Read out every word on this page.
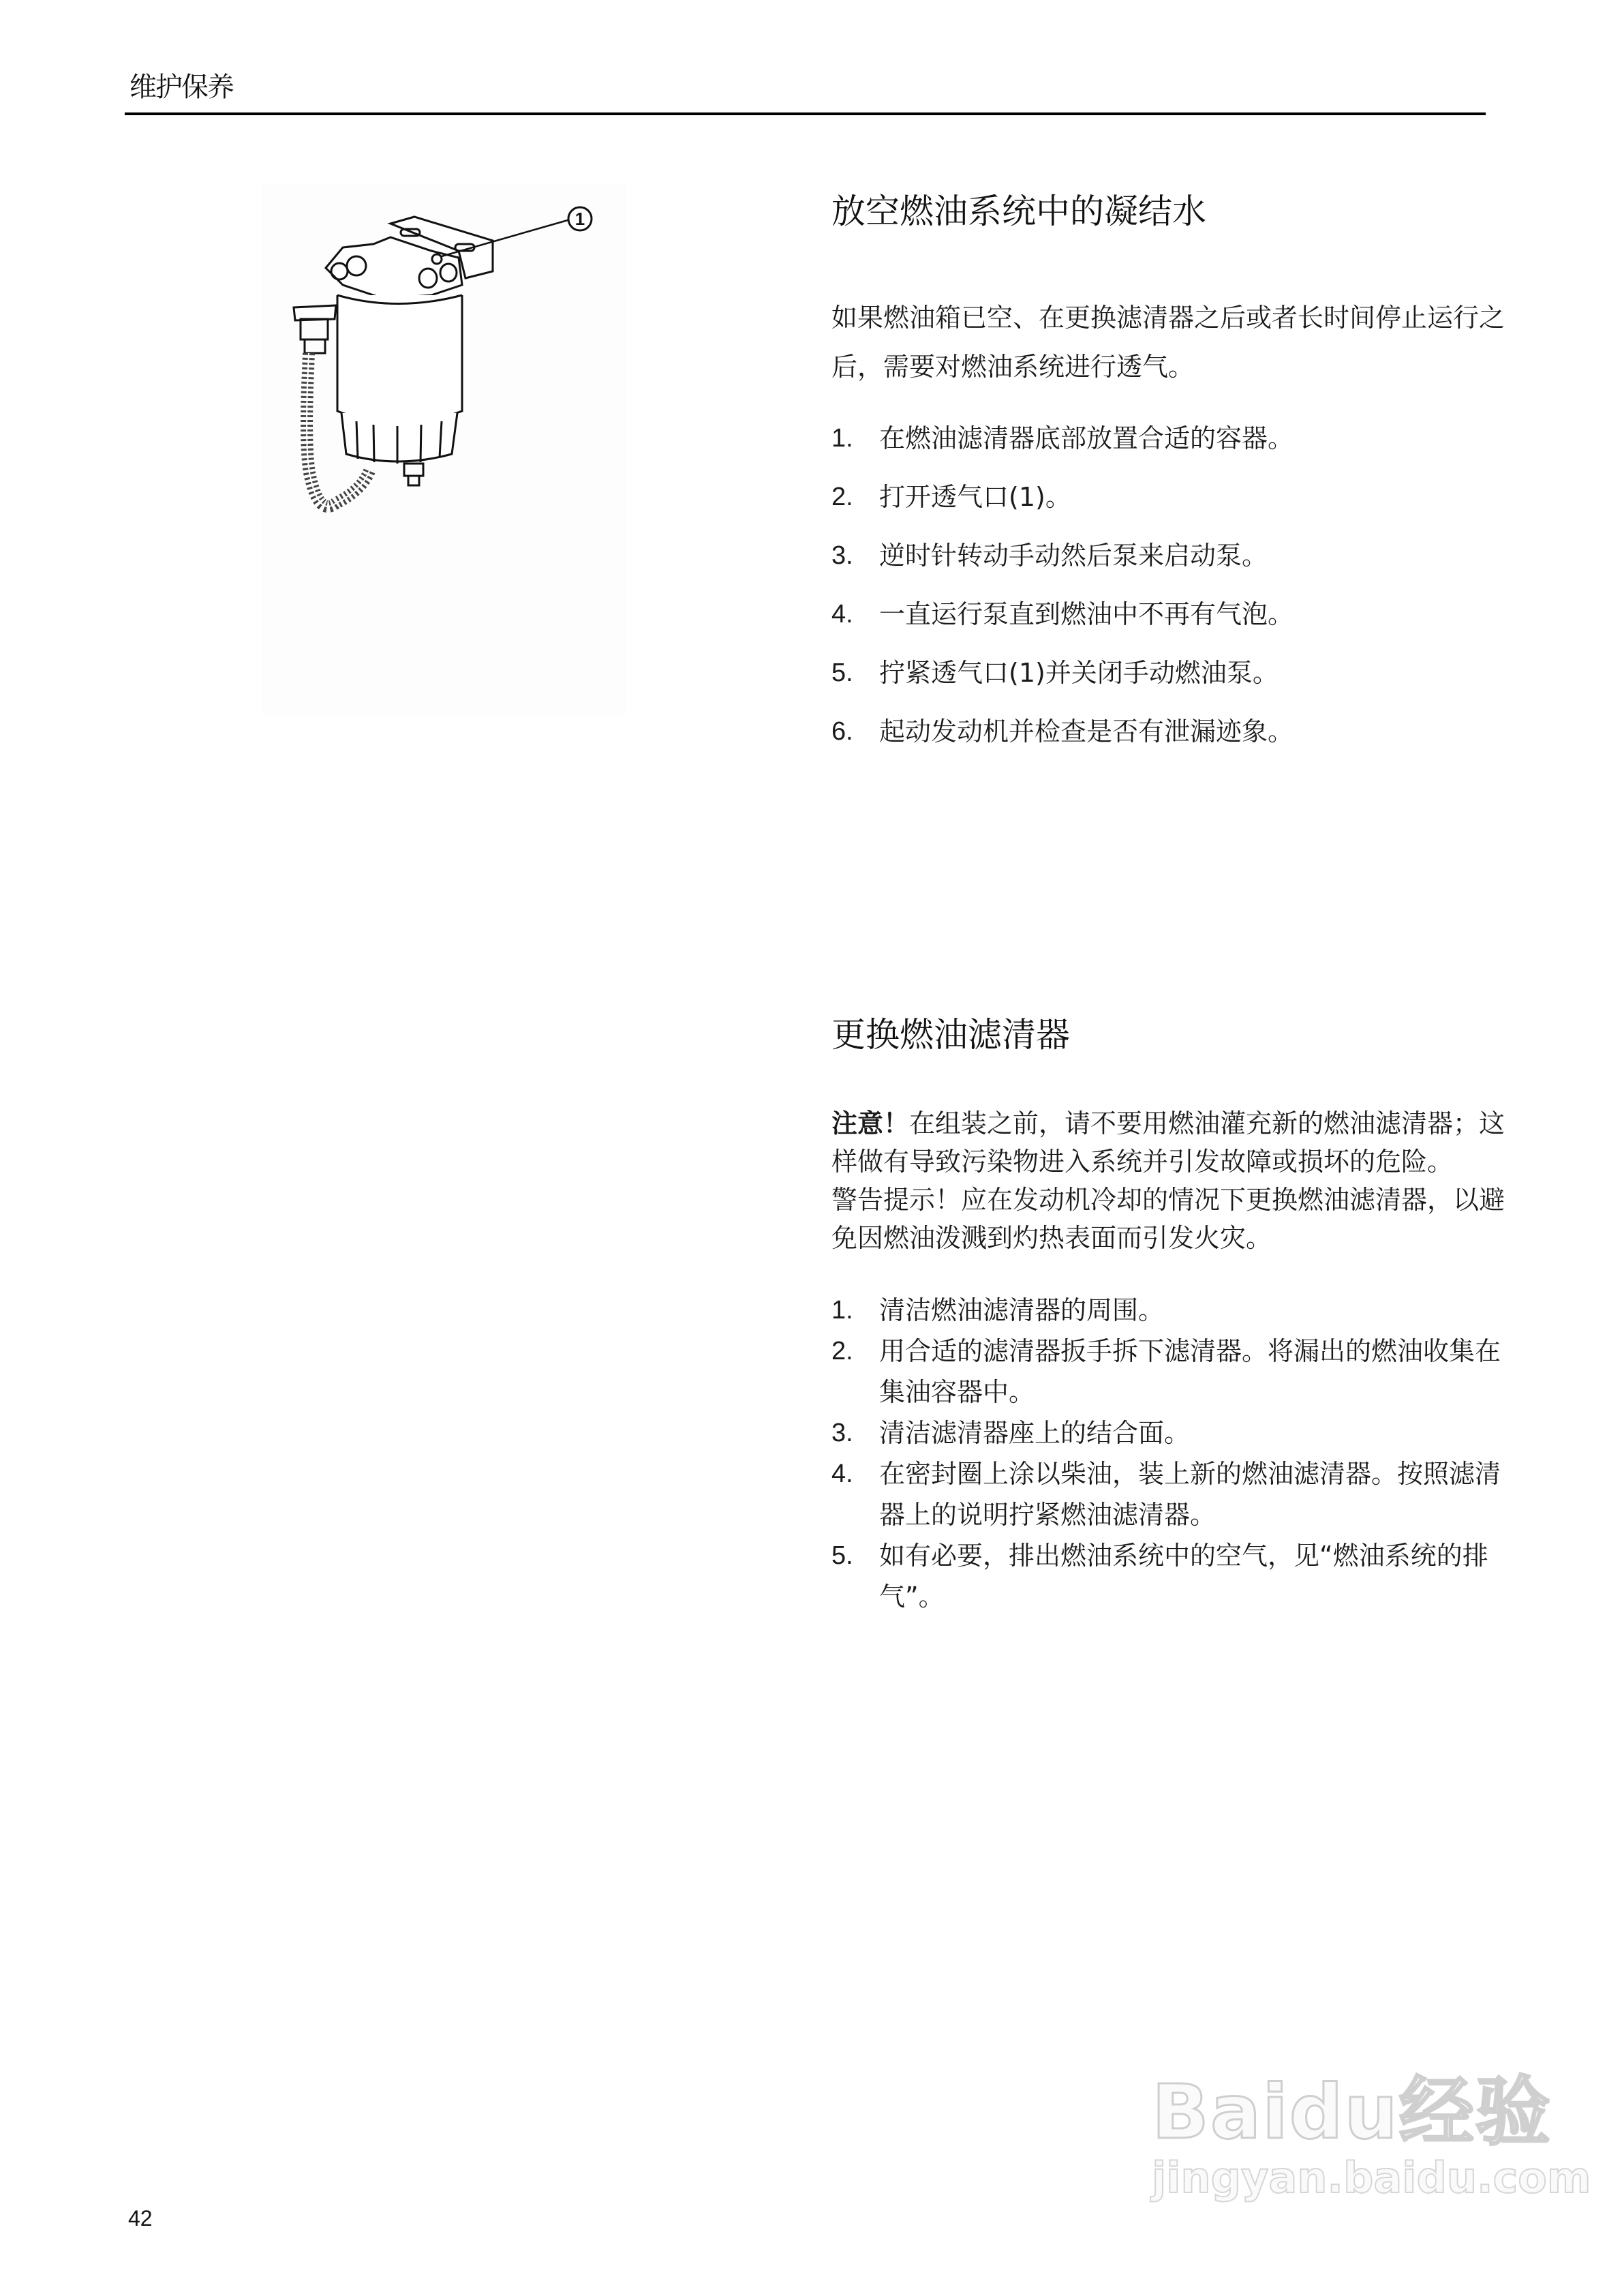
维护保养
1	放空燃油系统中的凝结水

如果燃油箱已空、在更换滤清器之后或者长时间停止运行之后，需要对燃油系统进行透气。

1.	在燃油滤清器底部放置合适的容器。
2.	打开透气口(1)。
3.	逆时针转动手动然后泵来启动泵。
4.	一直运行泵直到燃油中不再有气泡。
5.	拧紧透气口(1)并关闭手动燃油泵。
6.	起动发动机并检查是否有泄漏迹象。
更换燃油滤清器
注意！在组装之前，请不要用燃油灌充新的燃油滤清器；这样做有导致污染物进入系统并引发故障或损坏的危险。
警告提示！应在发动机冷却的情况下更换燃油滤清器，以避免因燃油泼溅到灼热表面而引发火灾。
1.	清洁燃油滤清器的周围。
2.	用合适的滤清器扳手拆下滤清器。将漏出的燃油收集在集油容器中。
3.	清洁滤清器座上的结合面。
4.	在密封圈上涂以柴油，装上新的燃油滤清器。按照滤清器上的说明拧紧燃油滤清器。
5.	如有必要，排出燃油系统中的空气，见“燃油系统的排气”。
42
Baidu经验
jingyan.baidu.com
